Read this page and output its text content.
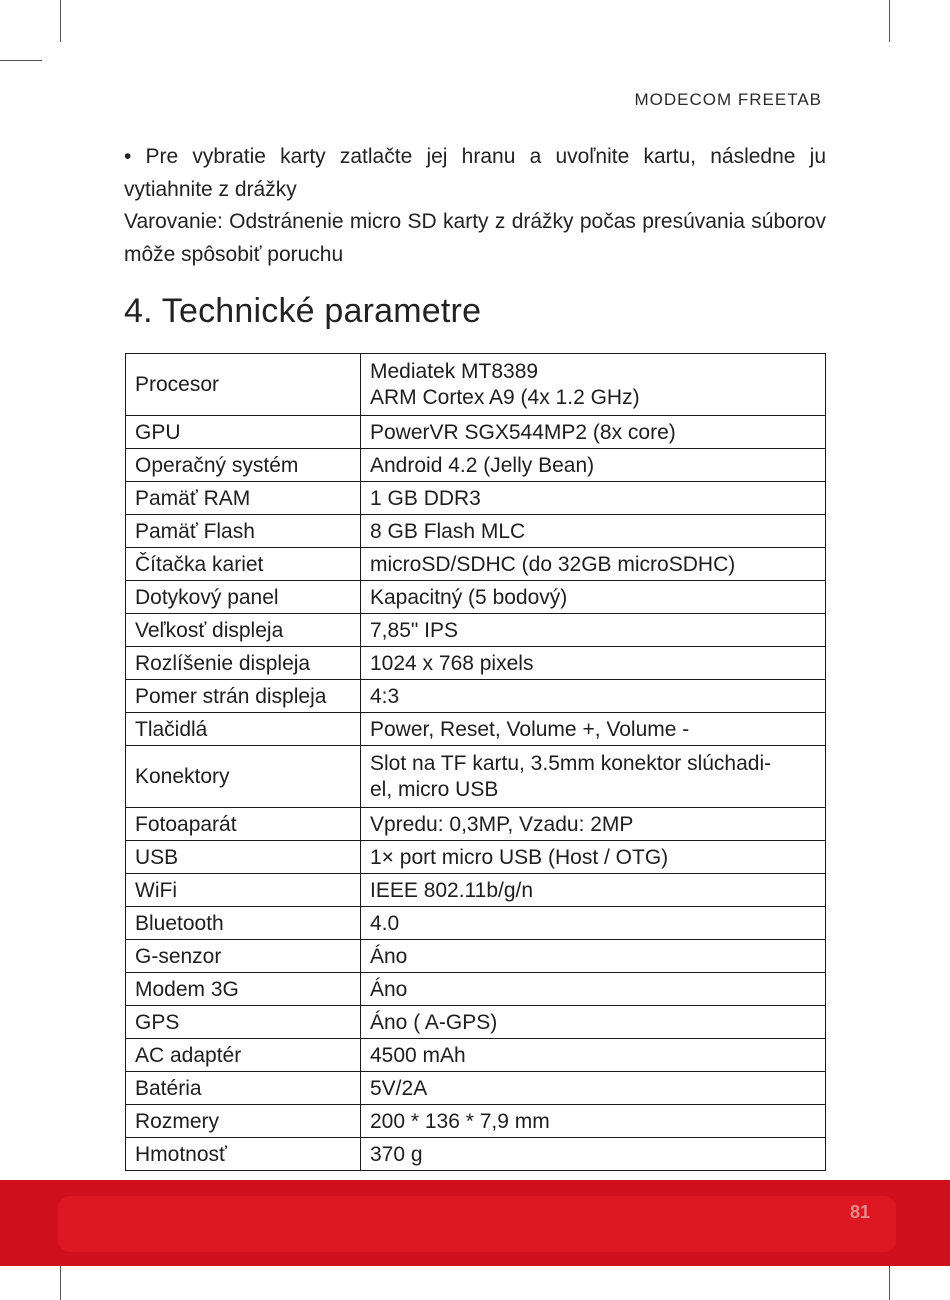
MODECOM FREETAB

• Pre vybratie karty zatlačte jej hranu a uvoľnite kartu, následne ju vytiahnite z drážky

Varovanie: Odstránenie micro SD karty z drážky počas presúvania súborov môže spôsobiť poruchu

4. Technické parametre
Procesor	Mediatek MT8389
ARM Cortex A9 (4x 1.2 GHz)
GPU	PowerVR SGX544MP2 (8x core)
Operačný systém	Android 4.2 (Jelly Bean)
Pamäť RAM	1 GB DDR3
Pamäť Flash	8 GB Flash MLC
Čítačka kariet	microSD/SDHC (do 32GB microSDHC)
Dotykový panel	Kapacitný (5 bodový)
Veľkosť displeja	7,85" IPS
Rozlíšenie displeja	1024 x 768 pixels
Pomer strán displeja	4:3
Tlačidlá	Power, Reset, Volume +, Volume -
Konektory	Slot na TF kartu, 3.5mm konektor slúchadi-
el, micro USB
Fotoaparát	Vpredu: 0,3MP, Vzadu: 2MP
USB	1× port micro USB (Host / OTG)
WiFi	IEEE 802.11b/g/n
Bluetooth	4.0
G-senzor	Áno
Modem 3G	Áno
GPS	Áno ( A-GPS)
AC adaptér	4500 mAh
Batéria	5V/2A
Rozmery	200 * 136 * 7,9 mm
Hmotnosť	370 g
81
